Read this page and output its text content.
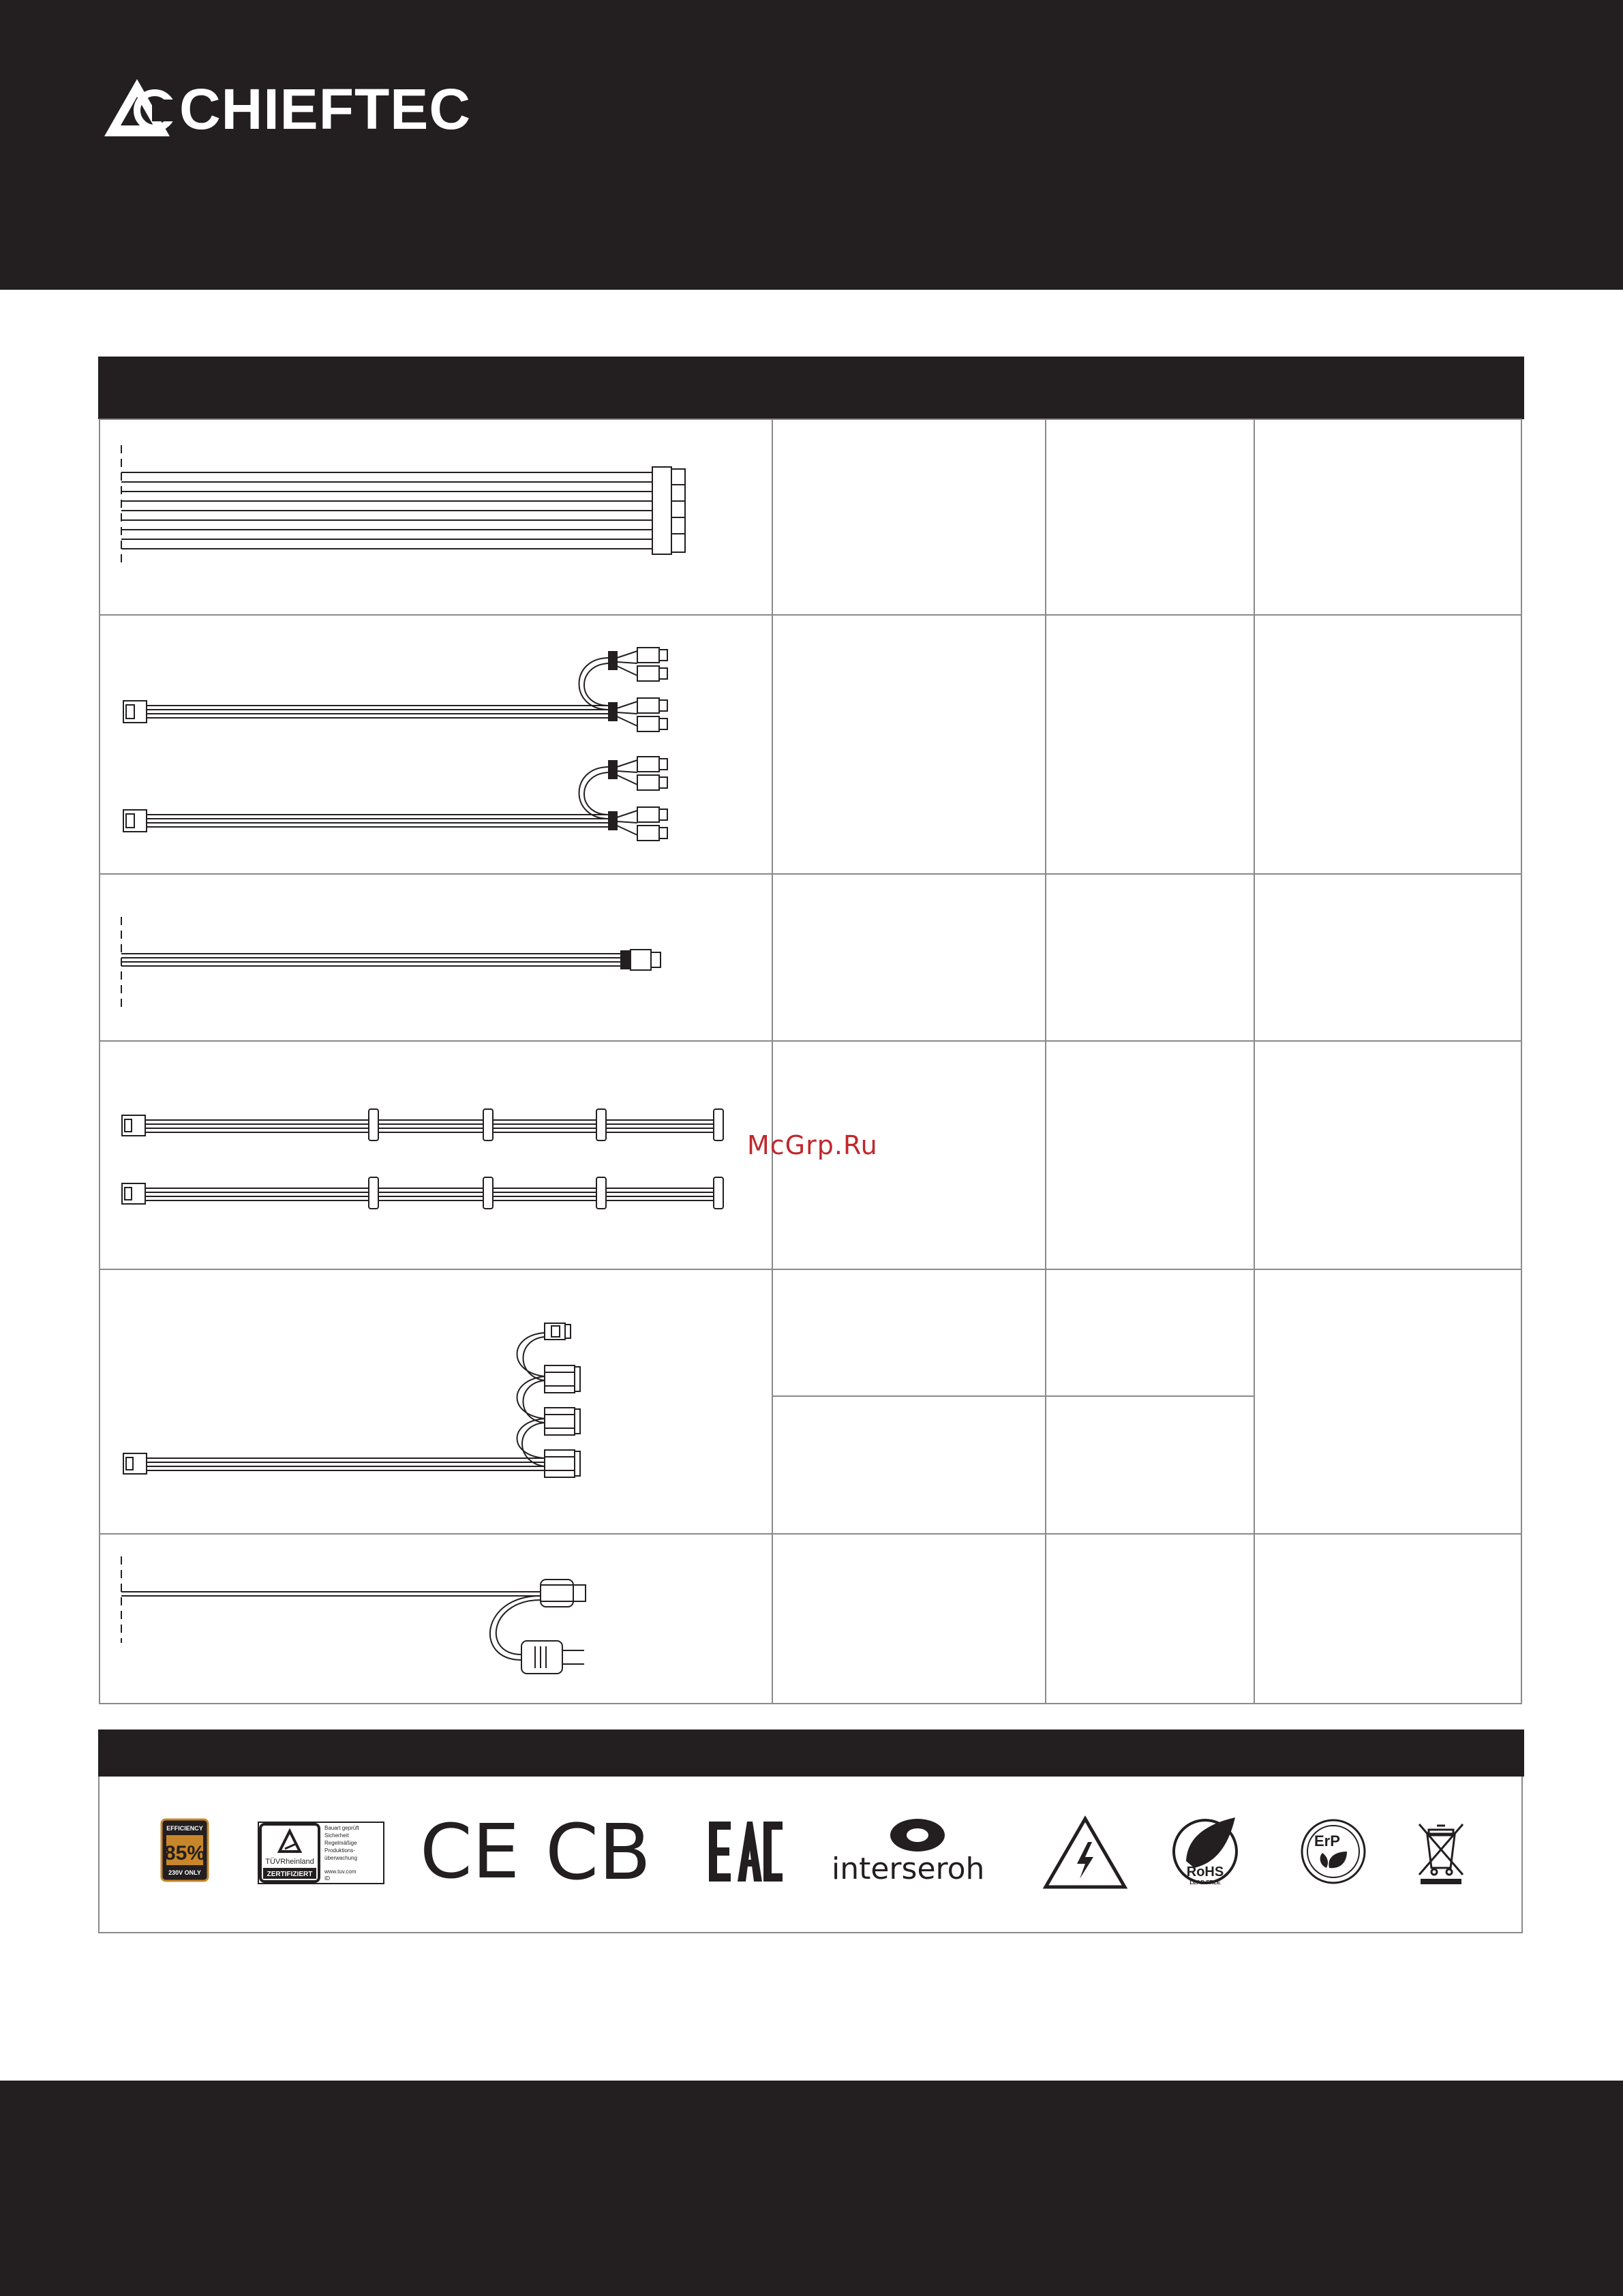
CHIEFTEC
McGrp.Ru
EFFICIENCY
85%
230V ONLY
TÜVRheinland
ZERTIFIZIERT
Bauart geprüft
Sicherheit
Regelmäßige
Produktions-
überwachung
www.tuv.com
ID CE CB	interseroh	RoHS
LEAD FREE
ErP
